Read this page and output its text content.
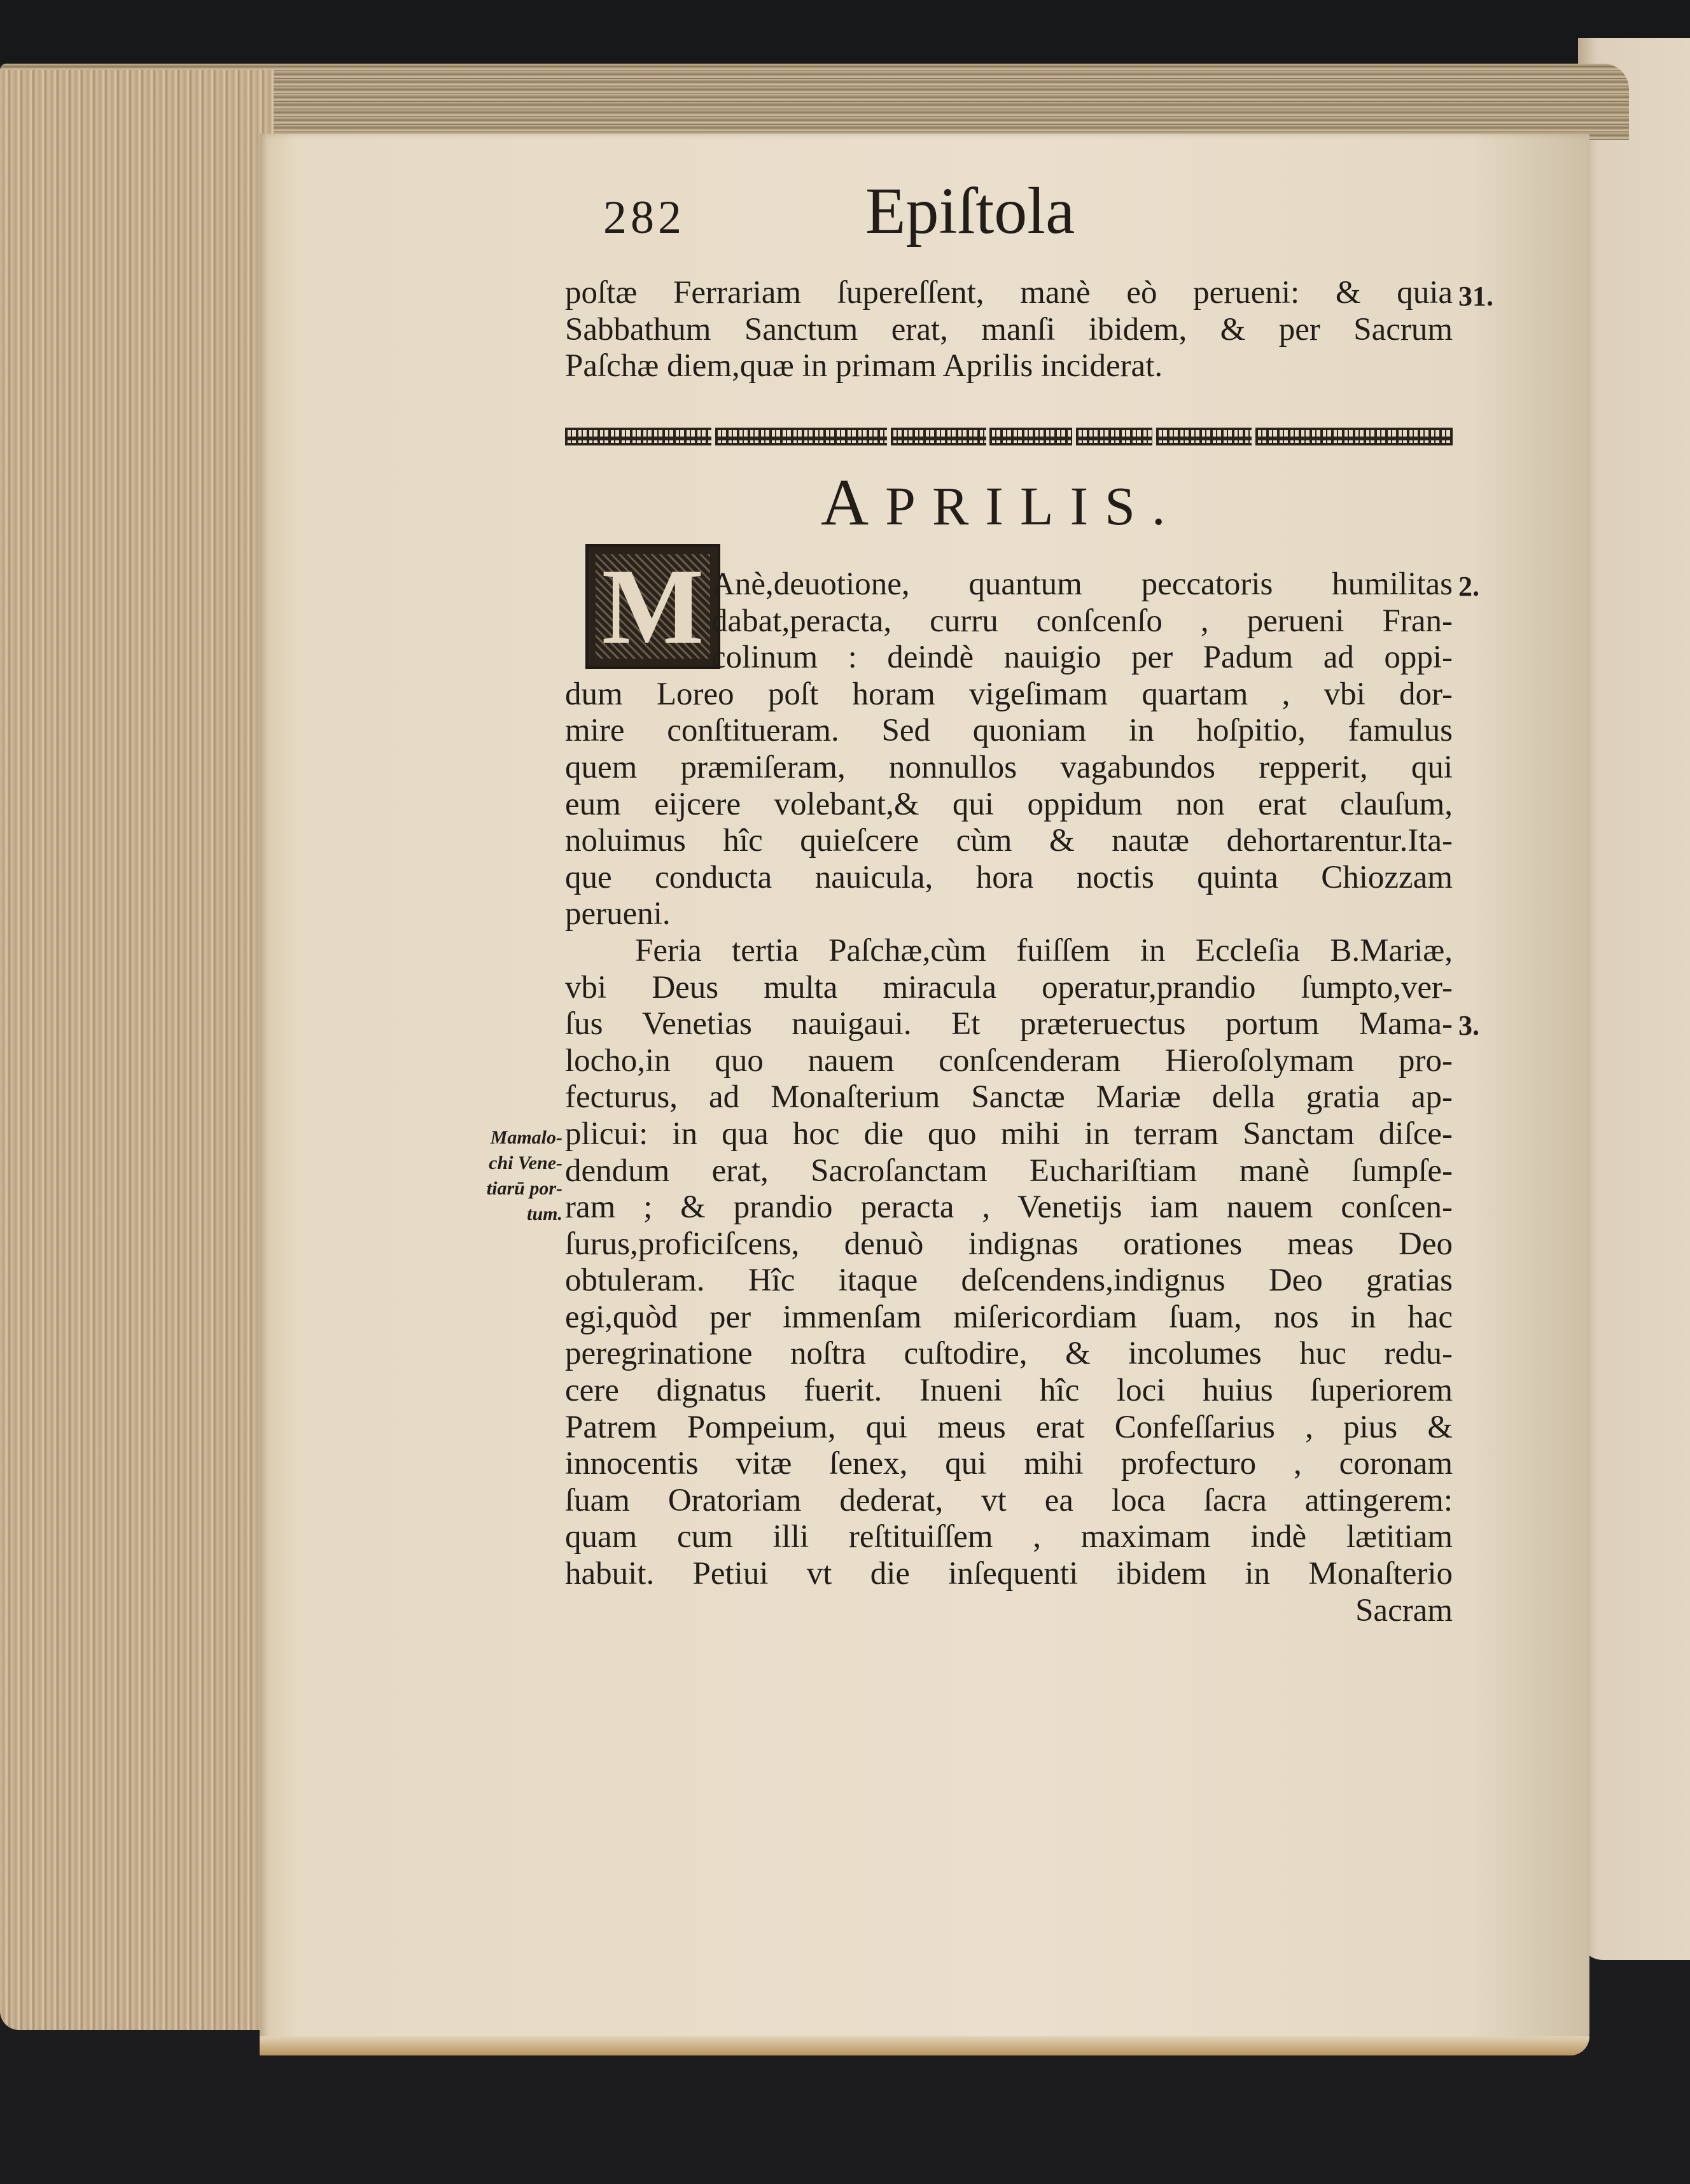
282	Epiſtola
poſtæ Ferrariam ſupereſſent, manè eò perueni: & quia
Sabbathum Sanctum erat, manſi ibidem, & per Sacrum
Paſchæ diem,quæ in primam Aprilis inciderat.
31.
APRILIS.
M Anè,deuotione, quantum peccatoris humilitas
dabat,peracta, curru conſcenſo , perueni Fran-
colinum : deindè nauigio per Padum ad oppi-
dum Loreo poſt horam vigeſimam quartam , vbi dor-
mire conſtitueram. Sed quoniam in hoſpitio, famulus
quem præmiſeram, nonnullos vagabundos repperit, qui
eum eijcere volebant,& qui oppidum non erat clauſum,
noluimus hîc quieſcere cùm & nautæ dehortarentur.Ita-
que conducta nauicula, hora noctis quinta Chiozzam
perueni.
Feria tertia Paſchæ,cùm fuiſſem in Eccleſia B.Mariæ,
vbi Deus multa miracula operatur,prandio ſumpto,ver-
ſus Venetias nauigaui. Et præteruectus portum Mama-
locho,in quo nauem conſcenderam Hieroſolymam pro-
fecturus, ad Monaſterium Sanctæ Mariæ della gratia ap-
plicui: in qua hoc die quo mihi in terram Sanctam diſce-
dendum erat, Sacroſanctam Euchariſtiam manè ſumpſe-
ram ; & prandio peracta , Venetijs iam nauem conſcen-
ſurus,proficiſcens, denuò indignas orationes meas Deo
obtuleram. Hîc itaque deſcendens,indignus Deo gratias
egi,quòd per immenſam miſericordiam ſuam, nos in hac
peregrinatione noſtra cuſtodire, & incolumes huc redu-
cere dignatus fuerit. Inueni hîc loci huius ſuperiorem
Patrem Pompeium, qui meus erat Confeſſarius , pius &
innocentis vitæ ſenex, qui mihi profecturo , coronam
ſuam Oratoriam dederat, vt ea loca ſacra attingerem:
quam cum illi reſtituiſſem , maximam indè lætitiam
habuit. Petiui vt die inſequenti ibidem in Monaſterio
Sacram
2.
3.
Mamalo-
chi Vene-
tiarū por-
tum.
